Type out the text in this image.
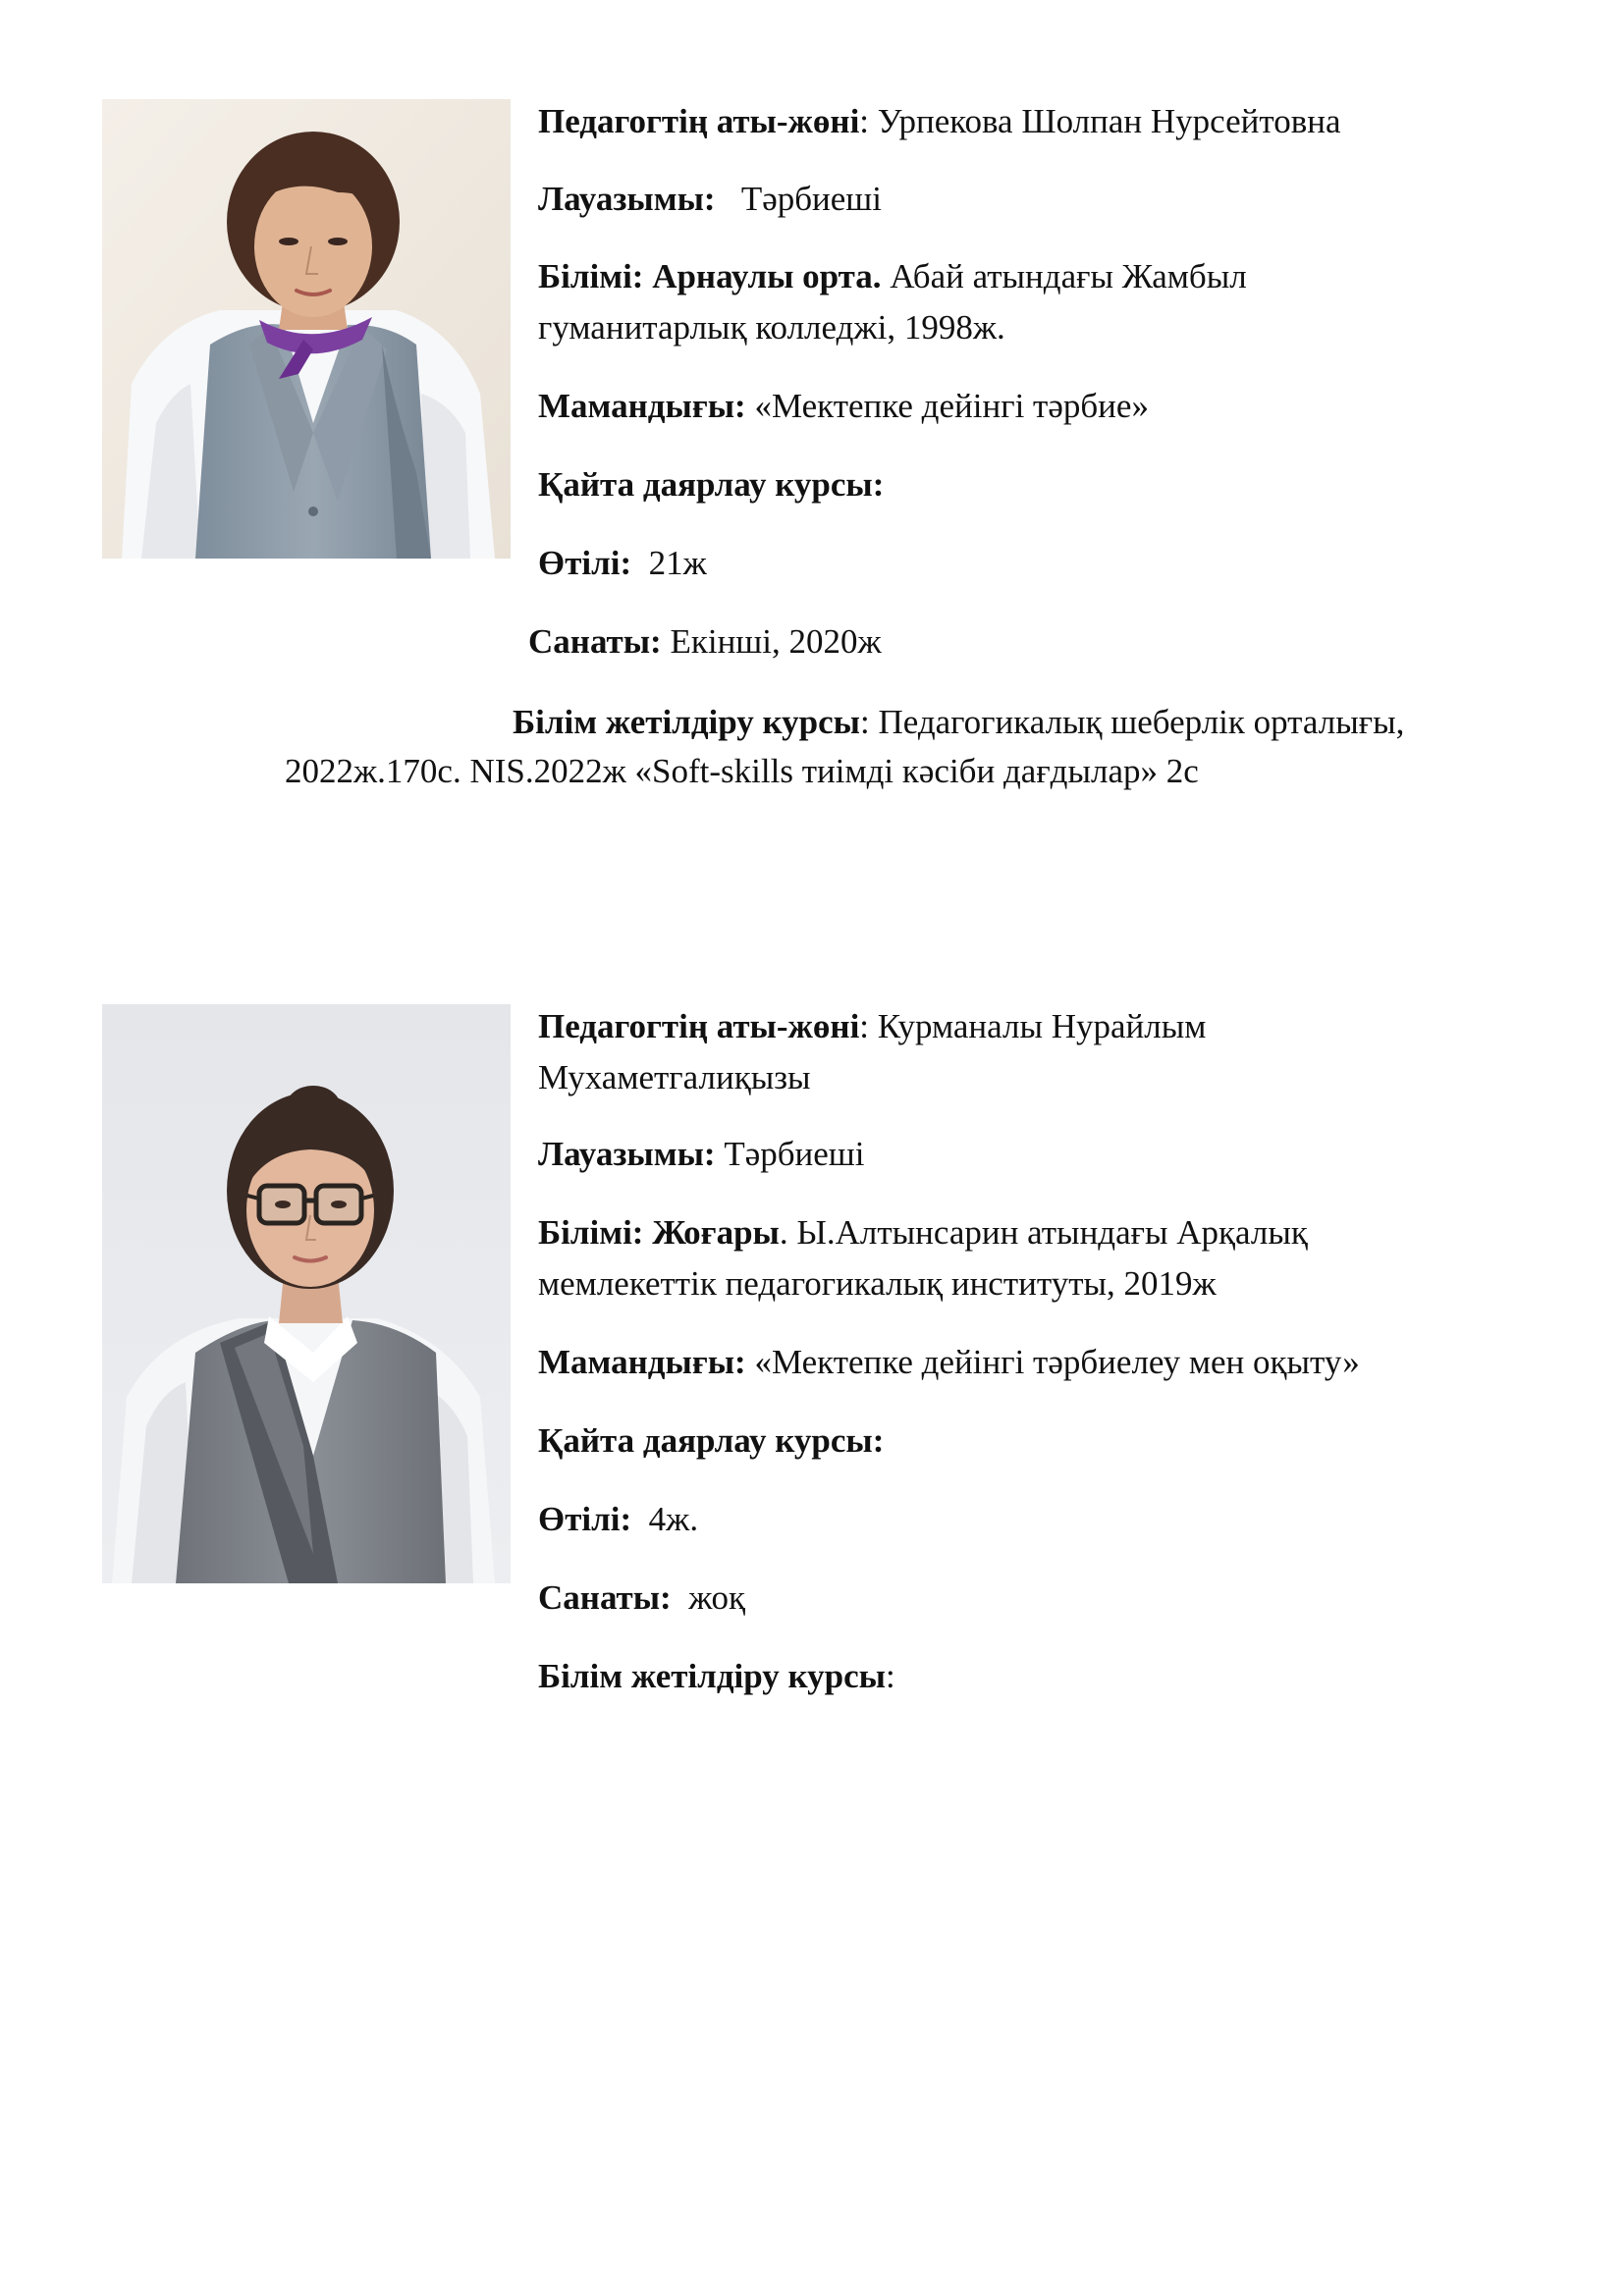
Педагогтің аты-жөні: Урпекова Шолпан Нурсейтовна
Лауазымы: Тәрбиеші
Білімі: Арнаулы орта. Абай атындағы Жамбыл
гуманитарлық колледжі, 1998ж.
Мамандығы: «Мектепке дейінгі тәрбие»
Қайта даярлау курсы:
Өтілі: 21ж
Санаты: Екінші, 2020ж
Білім жетілдіру курсы: Педагогикалық шеберлік орталығы,
2022ж.170с. NIS.2022ж «Soft-skills тиімді кәсіби дағдылар» 2с
Педагогтің аты-жөні: Курманалы Нурайлым
Мухаметгалиқызы
Лауазымы: Тәрбиеші
Білімі: Жоғары. Ы.Алтынсарин атындағы Арқалық
мемлекеттік педагогикалық институты, 2019ж
Мамандығы: «Мектепке дейінгі тәрбиелеу мен оқыту»
Қайта даярлау курсы:
Өтілі: 4ж.
Санаты: жоқ
Білім жетілдіру курсы:
